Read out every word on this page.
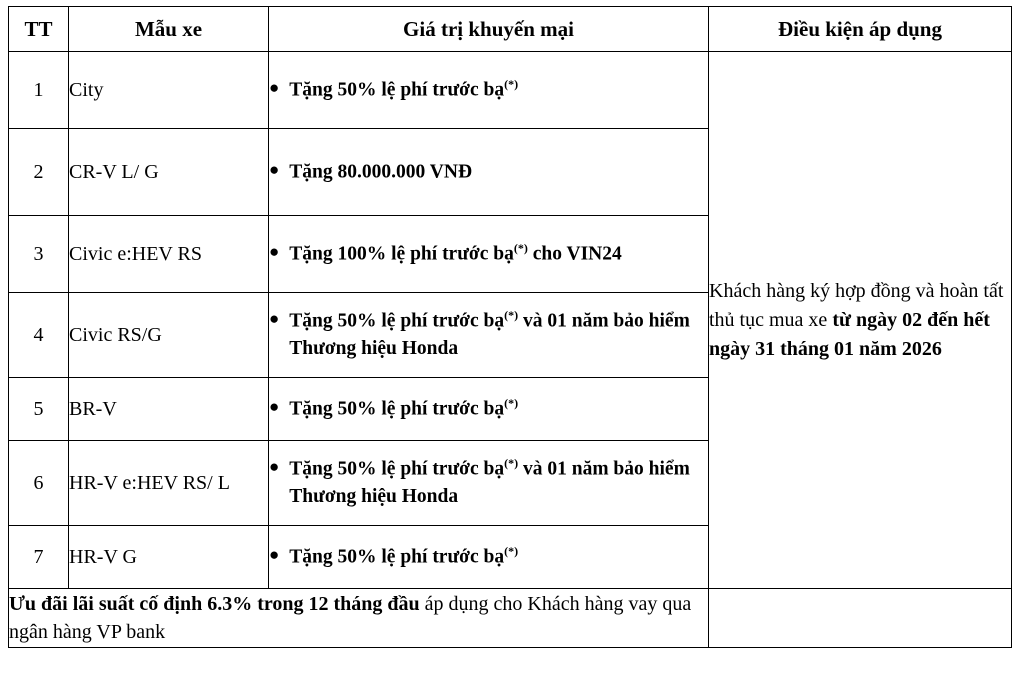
TT	Mẫu xe	Giá trị khuyến mại	Điều kiện áp dụng
1	City	● Tặng 50% lệ phí trước bạ(*)	Khách hàng ký hợp đồng và hoàn tất thủ tục mua xe từ ngày 02 đến hết ngày 31 tháng 01 năm 2026
2	CR-V L/ G	● Tặng 80.000.000 VNĐ	

3	Civic e:HEV RS	● Tặng 100% lệ phí trước bạ(*) cho VIN24	

4	Civic RS/G	● Tặng 50% lệ phí trước bạ(*) và 01 năm bảo hiểm Thương hiệu Honda	

5	BR-V	● Tặng 50% lệ phí trước bạ(*)

6	HR-V e:HEV RS/ L	● Tặng 50% lệ phí trước bạ(*) và 01 năm bảo hiểm Thương hiệu Honda	

7	HR-V G	● Tặng 50% lệ phí trước bạ(*)

Ưu đãi lãi suất cố định 6.3% trong 12 tháng đầu áp dụng cho Khách hàng vay qua ngân hàng VP bank			
